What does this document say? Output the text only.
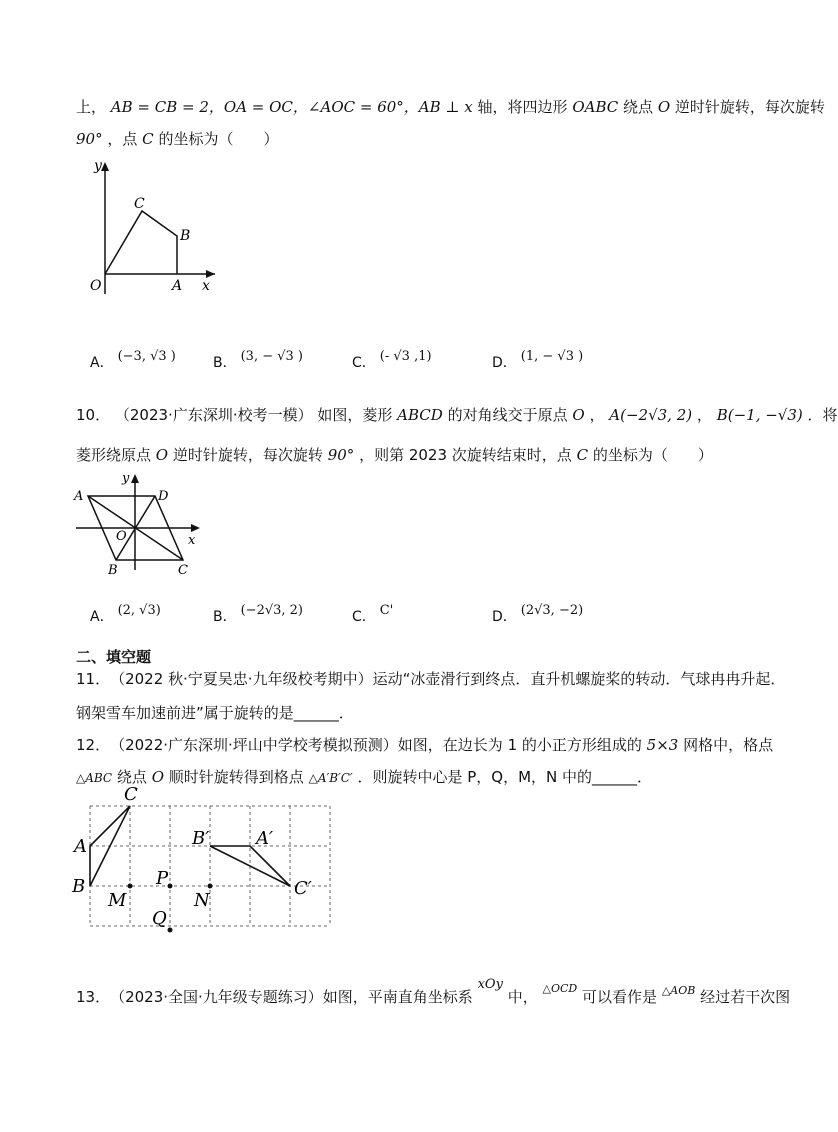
上， AB = CB = 2，OA = OC，∠AOC = 60°，AB ⊥ x 轴，将四边形 OABC 绕点 O 逆时针旋转，每次旋转
90° ，点 C 的坐标为（　　）
y
x
O	A
B
C
A． (−3, √3 )	B． (3, − √3 )	C． (- √3 ,1)	D． (1, − √3 )
10． （2023·广东深圳·校考一模） 如图，菱形 ABCD 的对角线交于原点 O ， A(−2√3, 2) ， B(−1, −√3) ．将
菱形绕原点 O 逆时针旋转，每次旋转 90° ，则第 2023 次旋转结束时，点 C 的坐标为（　　）
y
x
O
A
B	C
D
A． (2, √3)	B． (−2√3, 2)	C． C'	D． (2√3, −2)
二、填空题
11．　（2022 秋·宁夏吴忠·九年级校考期中）运动“冰壶滑行到终点．直升机螺旋桨的转动．气球冉冉升起．
钢架雪车加速前进”属于旋转的是______．
12．　（2022·广东深圳·坪山中学校考模拟预测）如图，在边长为 1 的小正方形组成的 5×3 网格中，格点
△ABC 绕点 O 顺时针旋转得到格点 △A′B′C′ ．则旋转中心是 P，Q，M，N 中的______．
C
A
B
B′	A′
C′
M
P
N
Q
13．　（2023·全国·九年级专题练习）如图，平南直角坐标系 xOy 中， $^{\triangle OCD}$ 可以看作是 $^{\triangle AOB}$ 经过若干次图
